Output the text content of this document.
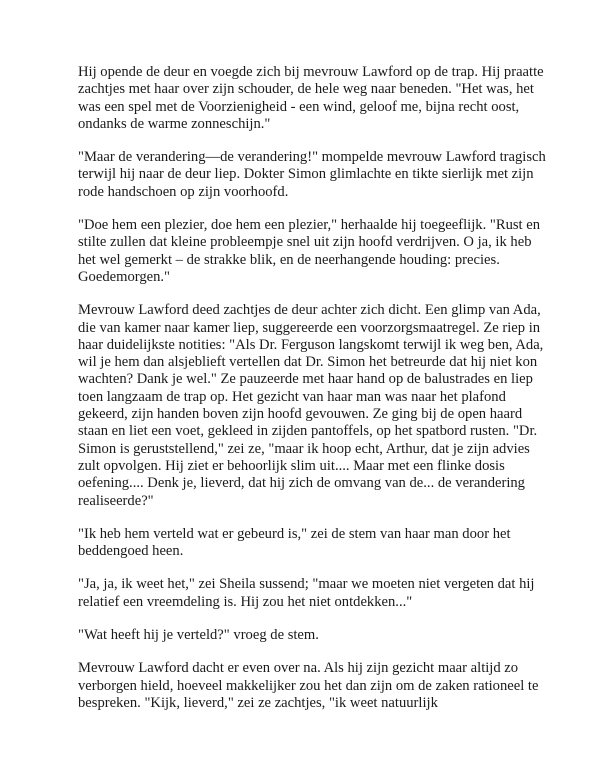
Hij opende de deur en voegde zich bij mevrouw Lawford op de trap. Hij praatte zachtjes met haar over zijn schouder, de hele weg naar beneden. "Het was, het was een spel met de Voorzienigheid - een wind, geloof me, bijna recht oost, ondanks de warme zonneschijn."

"Maar de verandering—de verandering!" mompelde mevrouw Lawford tragisch terwijl hij naar de deur liep. Dokter Simon glimlachte en tikte sierlijk met zijn rode handschoen op zijn voorhoofd.

"Doe hem een plezier, doe hem een plezier," herhaalde hij toegeeflijk. "Rust en stilte zullen dat kleine probleempje snel uit zijn hoofd verdrijven. O ja, ik heb het wel gemerkt – de strakke blik, en de neerhangende houding: precies. Goedemorgen."

Mevrouw Lawford deed zachtjes de deur achter zich dicht. Een glimp van Ada, die van kamer naar kamer liep, suggereerde een voorzorgsmaatregel. Ze riep in haar duidelijkste notities: "Als Dr. Ferguson langskomt terwijl ik weg ben, Ada, wil je hem dan alsjeblieft vertellen dat Dr. Simon het betreurde dat hij niet kon wachten? Dank je wel." Ze pauzeerde met haar hand op de balustrades en liep toen langzaam de trap op. Het gezicht van haar man was naar het plafond gekeerd, zijn handen boven zijn hoofd gevouwen. Ze ging bij de open haard staan en liet een voet, gekleed in zijden pantoffels, op het spatbord rusten. "Dr. Simon is geruststellend," zei ze, "maar ik hoop echt, Arthur, dat je zijn advies zult opvolgen. Hij ziet er behoorlijk slim uit.... Maar met een flinke dosis oefening.... Denk je, lieverd, dat hij zich de omvang van de... de verandering realiseerde?"

"Ik heb hem verteld wat er gebeurd is," zei de stem van haar man door het beddengoed heen.

"Ja, ja, ik weet het," zei Sheila sussend; "maar we moeten niet vergeten dat hij relatief een vreemdeling is. Hij zou het niet ontdekken..."

"Wat heeft hij je verteld?" vroeg de stem.

Mevrouw Lawford dacht er even over na. Als hij zijn gezicht maar altijd zo verborgen hield, hoeveel makkelijker zou het dan zijn om de zaken rationeel te bespreken. "Kijk, lieverd," zei ze zachtjes, "ik weet natuurlijk
